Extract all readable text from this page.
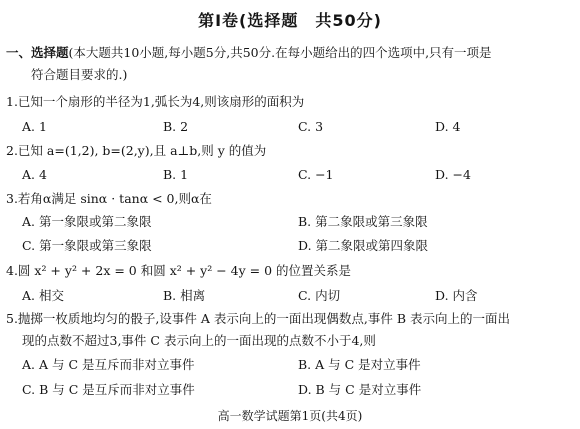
第Ⅰ卷(选择题　共50分)
一、选择题(本大题共10小题,每小题5分,共50分.在每小题给出的四个选项中,只有一项是
符合题目要求的.)
1.已知一个扇形的半径为1,弧长为4,则该扇形的面积为
A. 1	B. 2	C. 3	D. 4
2.已知 a=(1,2), b=(2,y),且 a⊥b,则 y 的值为
A. 4	B. 1	C. −1	D. −4
3.若角α满足 sinα · tanα < 0,则α在
A. 第一象限或第二象限	B. 第二象限或第三象限
C. 第一象限或第三象限	D. 第二象限或第四象限
4.圆 x² + y² + 2x = 0 和圆 x² + y² − 4y = 0 的位置关系是
A. 相交	B. 相离	C. 内切	D. 内含
5.抛掷一枚质地均匀的骰子,设事件 A 表示向上的一面出现偶数点,事件 B 表示向上的一面出
现的点数不超过3,事件 C 表示向上的一面出现的点数不小于4,则
A. A 与 C 是互斥而非对立事件	B. A 与 C 是对立事件
C. B 与 C 是互斥而非对立事件	D. B 与 C 是对立事件
高一数学试题第1页(共4页)
